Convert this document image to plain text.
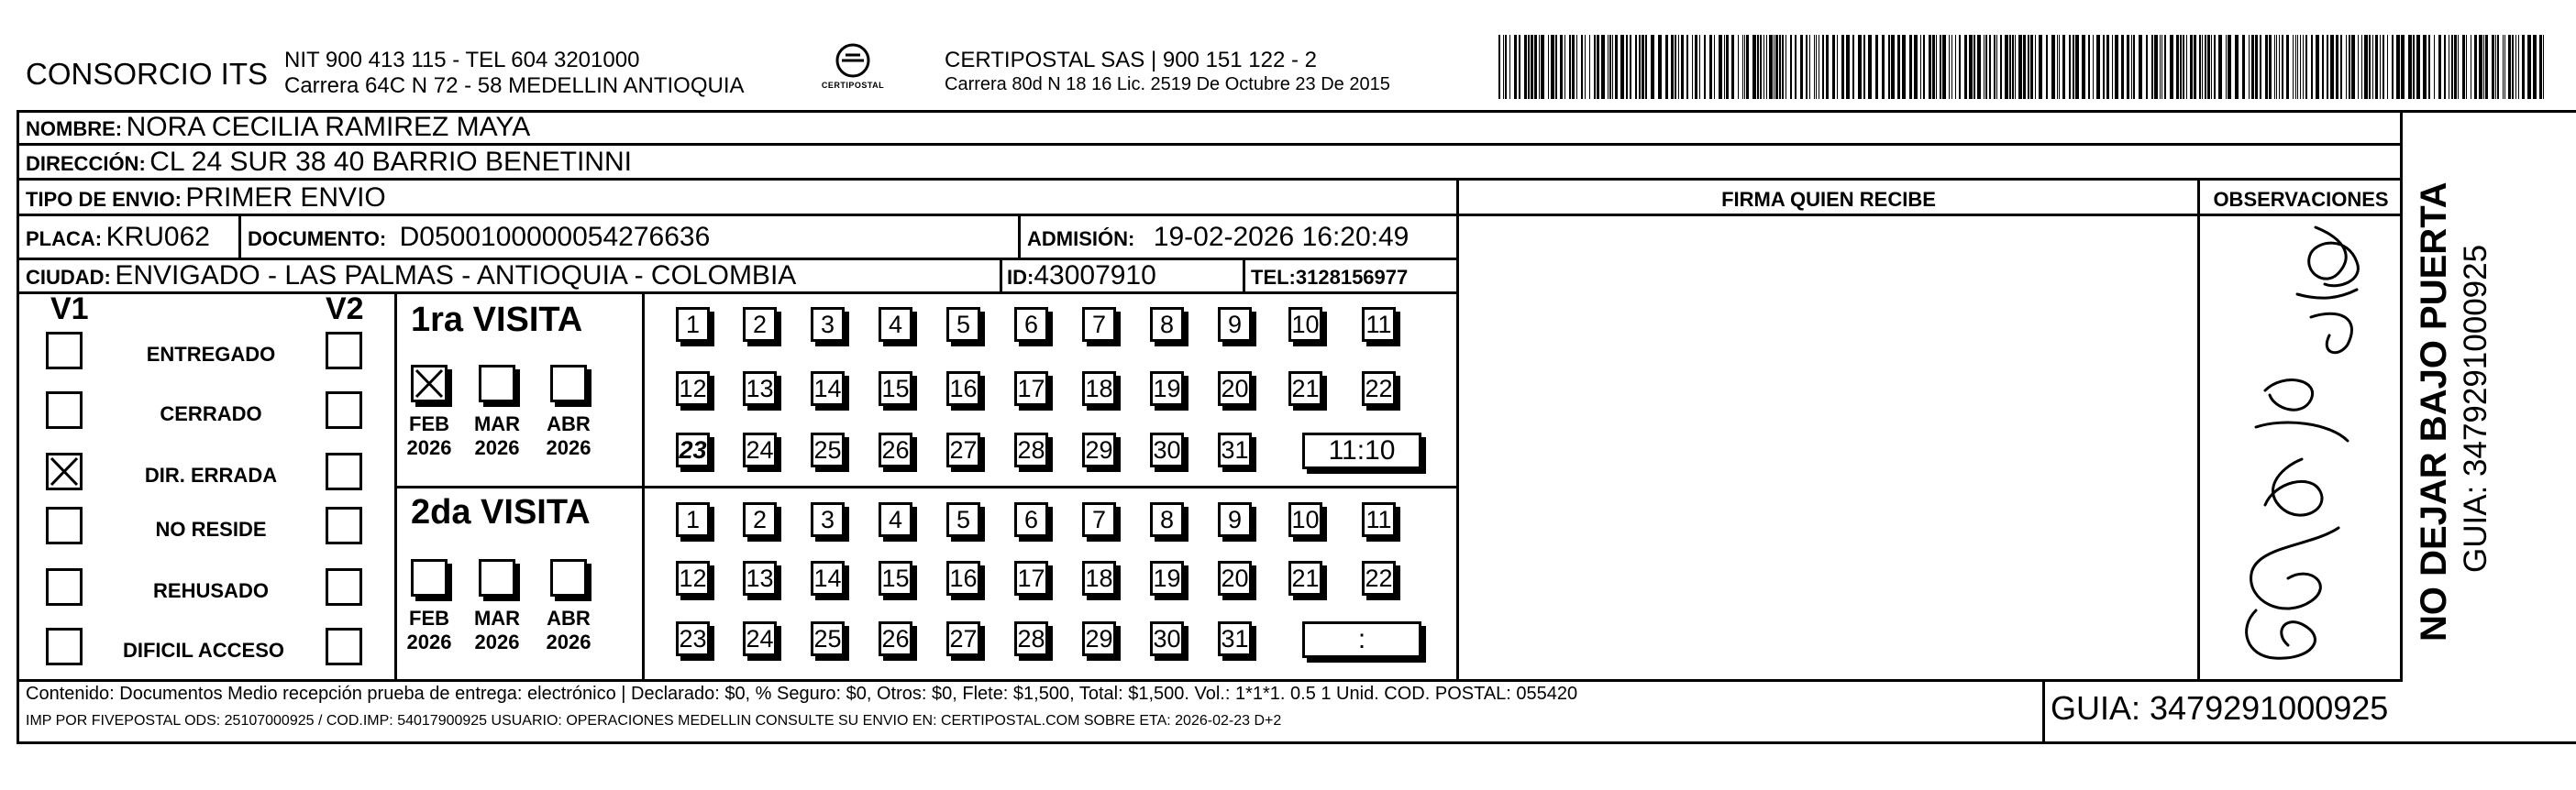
CONSORCIO ITS NIT 900 413 115 - TEL 604 3201000
Carrera 64C N 72 - 58 MEDELLIN ANTIOQUIA	CERTIPOSTAL
CERTIPOSTAL SAS | 900 151 122 - 2
Carrera 80d N 18 16 Lic. 2519 De Octubre 23 De 2015
NOMBRE: NORA CECILIA RAMIREZ MAYA
DIRECCIÓN: CL 24 SUR 38 40 BARRIO BENETINNI
TIPO DE ENVIO: PRIMER ENVIO	FIRMA QUIEN RECIBE	OBSERVACIONES
PLACA: KRU062 DOCUMENTO: D0500100000054276636	ADMISIÓN: 19-02-2026 16:20:49
CIUDAD: ENVIGADO - LAS PALMAS - ANTIOQUIA - COLOMBIA	ID:43007910	TEL:3128156977
V1	V2
ENTREGADO
CERRADO
DIR. ERRADA
NO RESIDE
REHUSADO
DIFICIL ACCESO
1ra VISITA
2da VISITA
FEB
2026
MAR
2026
ABR
2026
FEB
2026
MAR
2026
ABR
2026
1	2	3	4	5	6	7	8	9	10 11
12 13 14 15 16 17 18 19 20 21 22
23 24 25 26 27 28 29 30 31	11:10
1	2	3	4	5	6	7	8	9	10 11
12 13 14 15 16 17 18 19 20 21 22
23 24 25 26 27 28 29 30 31	:
Contenido: Documentos Medio recepción prueba de entrega: electrónico | Declarado: $0, % Seguro: $0, Otros: $0, Flete: $1,500, Total: $1,500. Vol.: 1*1*1. 0.5 1 Unid. COD. POSTAL: 055420
IMP POR FIVEPOSTAL ODS: 25107000925 / COD.IMP: 54017900925 USUARIO: OPERACIONES MEDELLIN CONSULTE SU ENVIO EN: CERTIPOSTAL.COM SOBRE ETA: 2026-02-23 D+2	GUIA: 3479291000925
NO DEJAR BAJO PUERTA GUIA: 3479291000925
